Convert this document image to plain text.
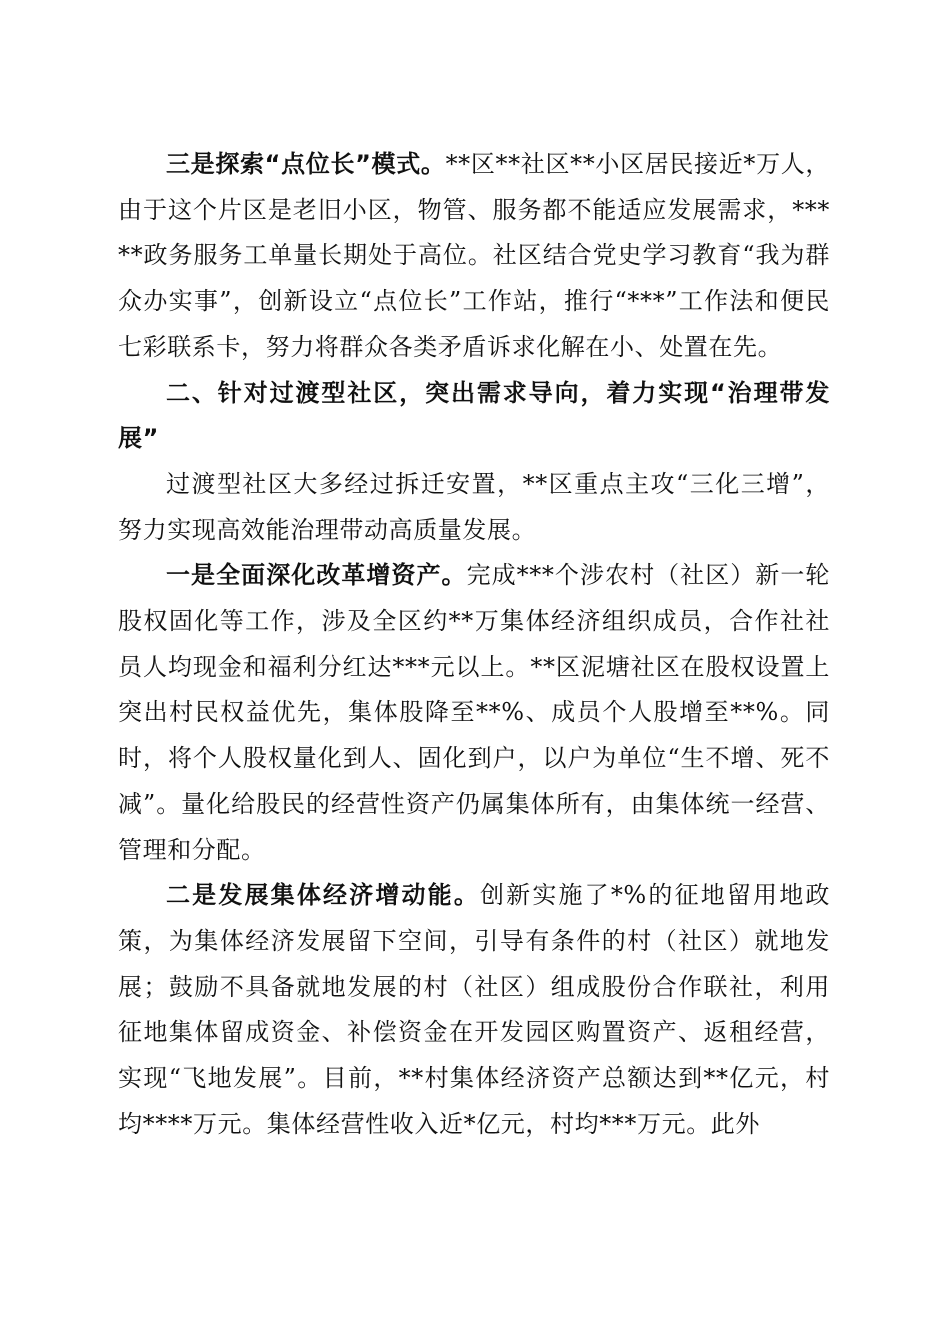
三是探索“点位长”模式。**区**社区**小区居民接近*万人，由于这个片区是老旧小区，物管、服务都不能适应发展需求，*****政务服务工单量长期处于高位。社区结合党史学习教育“我为群众办实事”，创新设立“点位长”工作站，推行“***”工作法和便民七彩联系卡，努力将群众各类矛盾诉求化解在小、处置在先。

二、针对过渡型社区，突出需求导向，着力实现“治理带发展”

过渡型社区大多经过拆迁安置，**区重点主攻“三化三增”，努力实现高效能治理带动高质量发展。

一是全面深化改革增资产。完成***个涉农村（社区）新一轮股权固化等工作，涉及全区约**万集体经济组织成员，合作社社员人均现金和福利分红达***元以上。**区泥塘社区在股权设置上突出村民权益优先，集体股降至**%、成员个人股增至**%。同时，将个人股权量化到人、固化到户，以户为单位“生不增、死不减”。量化给股民的经营性资产仍属集体所有，由集体统一经营、管理和分配。

二是发展集体经济增动能。创新实施了*%的征地留用地政策，为集体经济发展留下空间，引导有条件的村（社区）就地发展；鼓励不具备就地发展的村（社区）组成股份合作联社，利用征地集体留成资金、补偿资金在开发园区购置资产、返租经营，实现“飞地发展”。目前，**村集体经济资产总额达到**亿元，村均****万元。集体经营性收入近*亿元，村均***万元。此外
